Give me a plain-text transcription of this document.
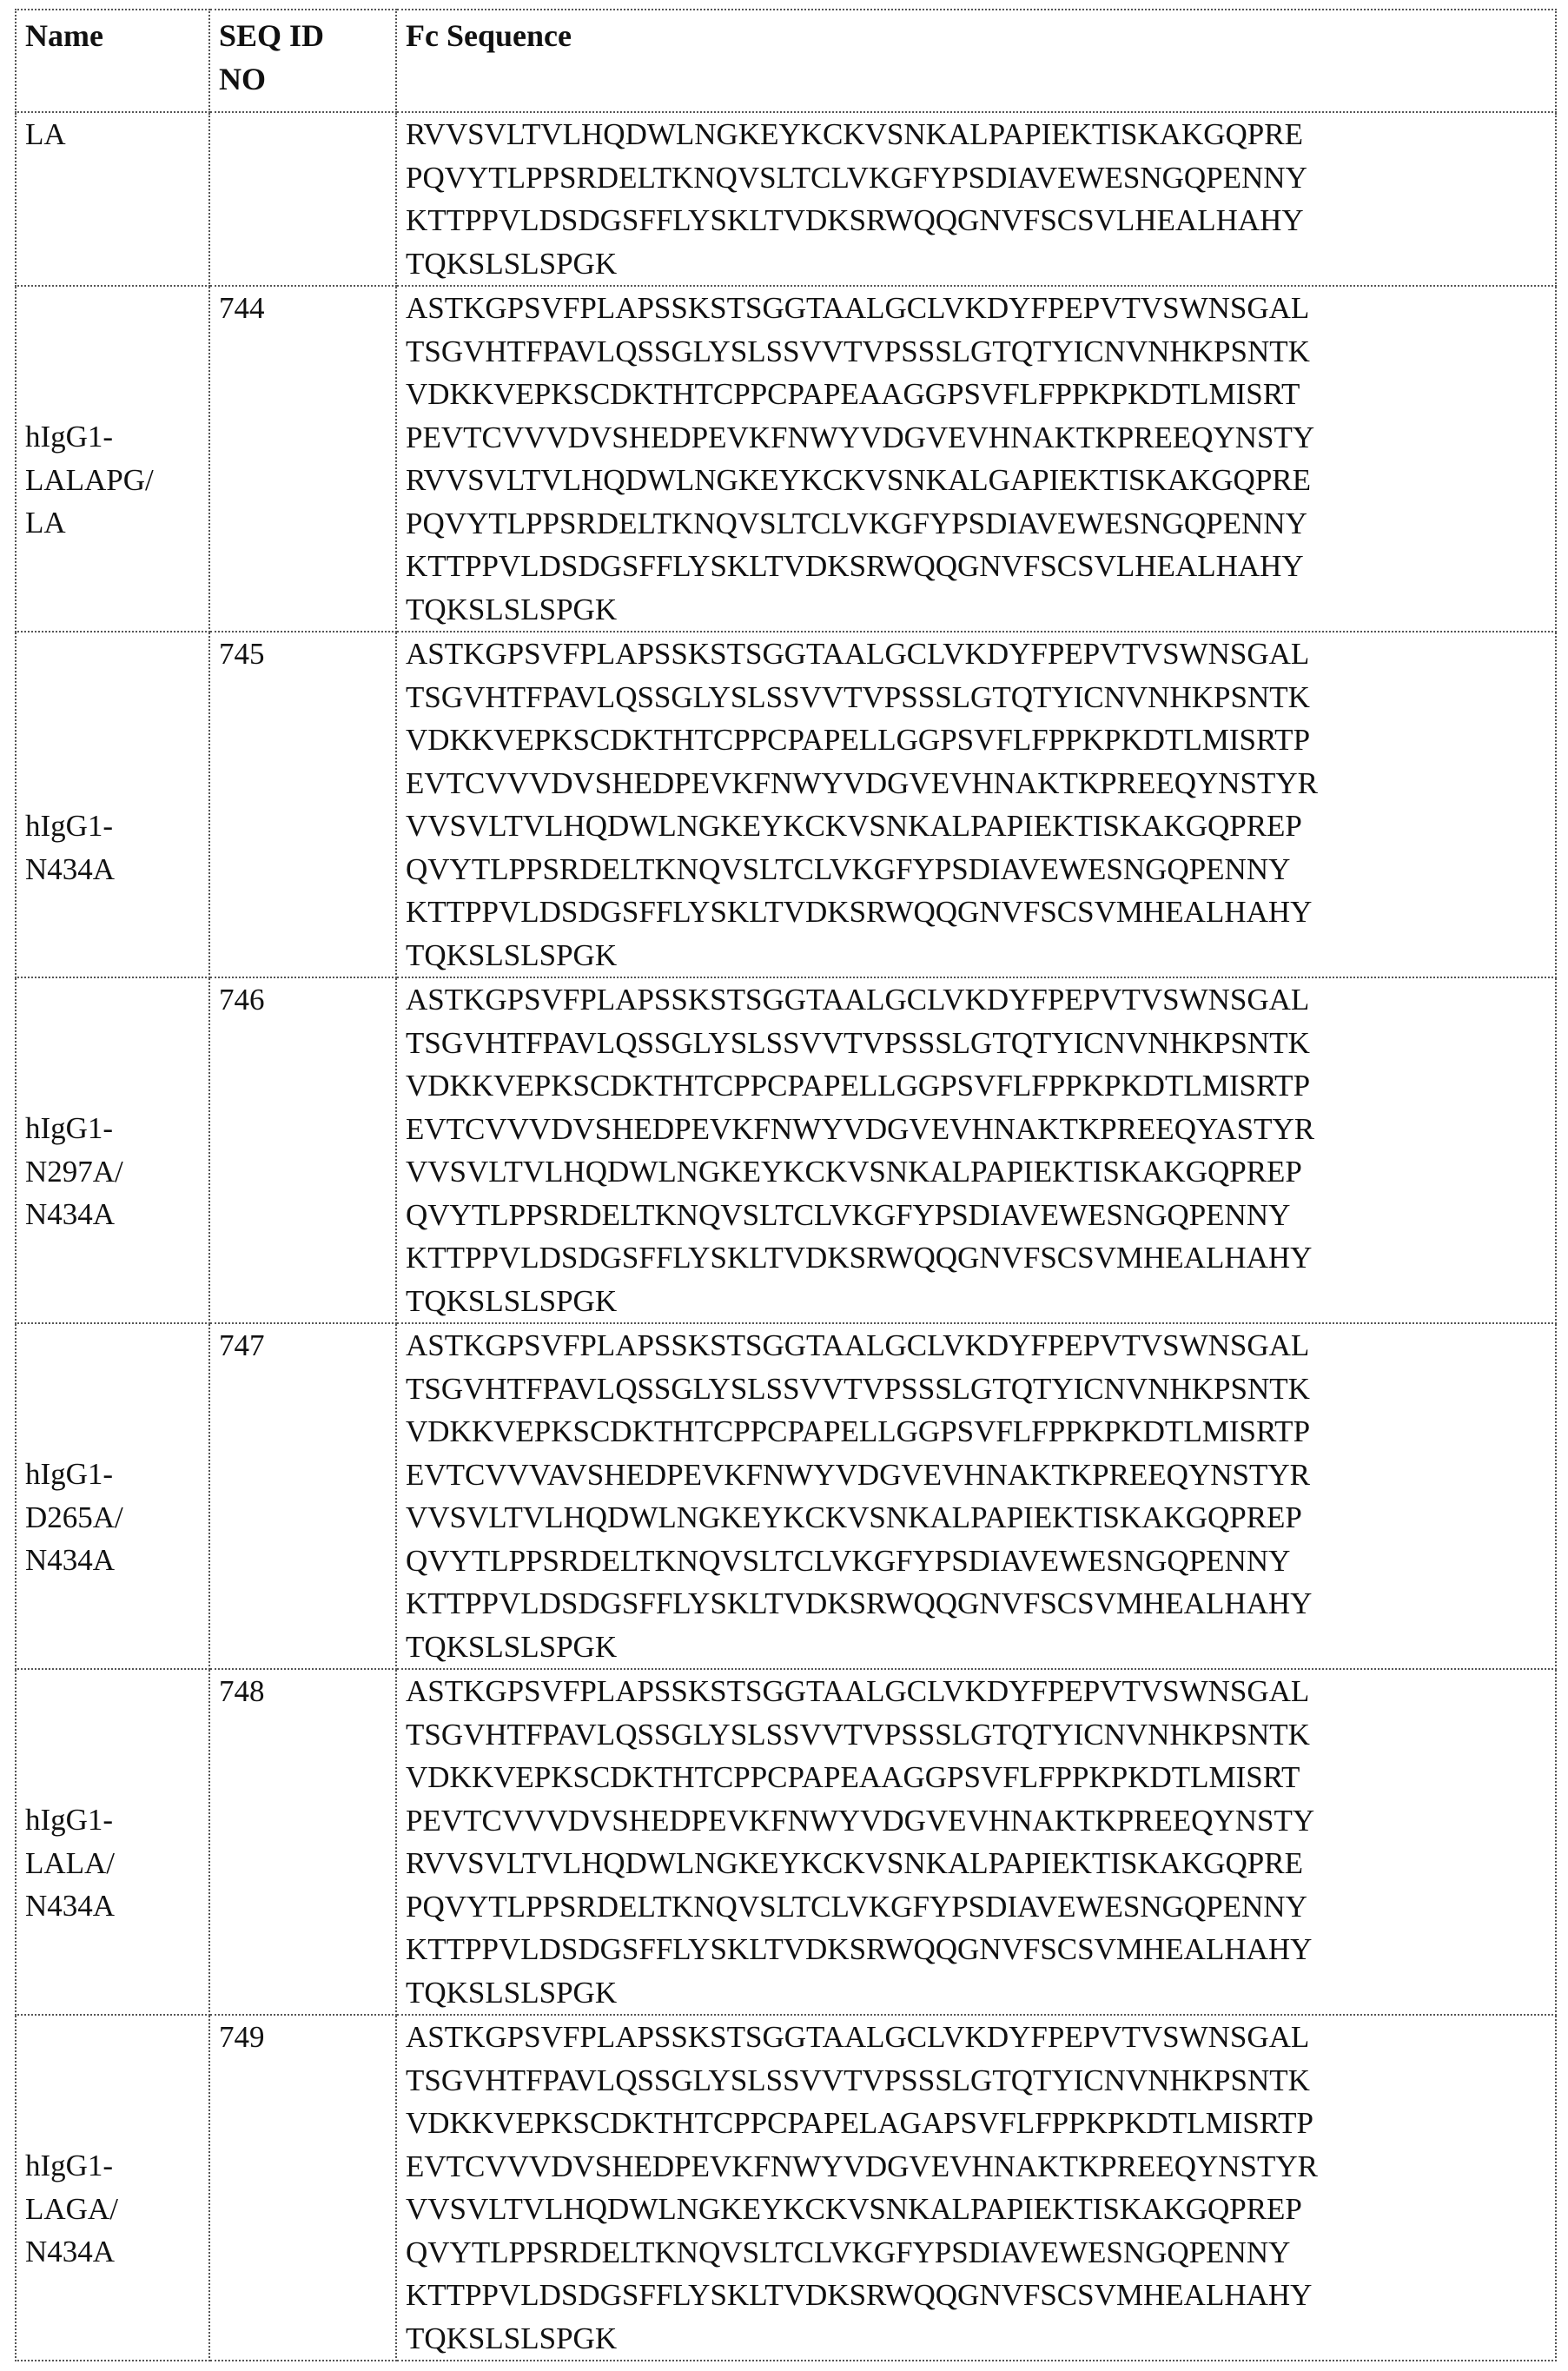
Name	SEQ ID
NO	Fc Sequence

LA		RVVSVLTVLHQDWLNGKEYKCKVSNKALPAPIEKTISKAKGQPRE
PQVYTLPPSRDELTKNQVSLTCLVKGFYPSDIAVEWESNGQPENNY
KTTPPVLDSDGSFFLYSKLTVDKSRWQQGNVFSCSVLHEALHAHY
TQKSLSLSPGK

hIgG1-
LALAPG/
LA
	744	ASTKGPSVFPLAPSSKSTSGGTAALGCLVKDYFPEPVTVSWNSGAL
TSGVHTFPAVLQSSGLYSLSSVVTVPSSSLGTQTYICNVNHKPSNTK
VDKKVEPKSCDKTHTCPPCPAPEAAGGPSVFLFPPKPKDTLMISRT
PEVTCVVVDVSHEDPEVKFNWYVDGVEVHNAKTKPREEQYNSTY
RVVSVLTVLHQDWLNGKEYKCKVSNKALGAPIEKTISKAKGQPRE
PQVYTLPPSRDELTKNQVSLTCLVKGFYPSDIAVEWESNGQPENNY
KTTPPVLDSDGSFFLYSKLTVDKSRWQQGNVFSCSVLHEALHAHY
TQKSLSLSPGK

hIgG1-
N434A
	745	ASTKGPSVFPLAPSSKSTSGGTAALGCLVKDYFPEPVTVSWNSGAL
TSGVHTFPAVLQSSGLYSLSSVVTVPSSSLGTQTYICNVNHKPSNTK
VDKKVEPKSCDKTHTCPPCPAPELLGGPSVFLFPPKPKDTLMISRTP
EVTCVVVDVSHEDPEVKFNWYVDGVEVHNAKTKPREEQYNSTYR
VVSVLTVLHQDWLNGKEYKCKVSNKALPAPIEKTISKAKGQPREP
QVYTLPPSRDELTKNQVSLTCLVKGFYPSDIAVEWESNGQPENNY
KTTPPVLDSDGSFFLYSKLTVDKSRWQQGNVFSCSVMHEALHAHY
TQKSLSLSPGK

hIgG1-
N297A/
N434A
	746	ASTKGPSVFPLAPSSKSTSGGTAALGCLVKDYFPEPVTVSWNSGAL
TSGVHTFPAVLQSSGLYSLSSVVTVPSSSLGTQTYICNVNHKPSNTK
VDKKVEPKSCDKTHTCPPCPAPELLGGPSVFLFPPKPKDTLMISRTP
EVTCVVVDVSHEDPEVKFNWYVDGVEVHNAKTKPREEQYASTYR
VVSVLTVLHQDWLNGKEYKCKVSNKALPAPIEKTISKAKGQPREP
QVYTLPPSRDELTKNQVSLTCLVKGFYPSDIAVEWESNGQPENNY
KTTPPVLDSDGSFFLYSKLTVDKSRWQQGNVFSCSVMHEALHAHY
TQKSLSLSPGK

hIgG1-
D265A/
N434A
	747	ASTKGPSVFPLAPSSKSTSGGTAALGCLVKDYFPEPVTVSWNSGAL
TSGVHTFPAVLQSSGLYSLSSVVTVPSSSLGTQTYICNVNHKPSNTK
VDKKVEPKSCDKTHTCPPCPAPELLGGPSVFLFPPKPKDTLMISRTP
EVTCVVVAVSHEDPEVKFNWYVDGVEVHNAKTKPREEQYNSTYR
VVSVLTVLHQDWLNGKEYKCKVSNKALPAPIEKTISKAKGQPREP
QVYTLPPSRDELTKNQVSLTCLVKGFYPSDIAVEWESNGQPENNY
KTTPPVLDSDGSFFLYSKLTVDKSRWQQGNVFSCSVMHEALHAHY
TQKSLSLSPGK

hIgG1-
LALA/
N434A
	748	ASTKGPSVFPLAPSSKSTSGGTAALGCLVKDYFPEPVTVSWNSGAL
TSGVHTFPAVLQSSGLYSLSSVVTVPSSSLGTQTYICNVNHKPSNTK
VDKKVEPKSCDKTHTCPPCPAPEAAGGPSVFLFPPKPKDTLMISRT
PEVTCVVVDVSHEDPEVKFNWYVDGVEVHNAKTKPREEQYNSTY
RVVSVLTVLHQDWLNGKEYKCKVSNKALPAPIEKTISKAKGQPRE
PQVYTLPPSRDELTKNQVSLTCLVKGFYPSDIAVEWESNGQPENNY
KTTPPVLDSDGSFFLYSKLTVDKSRWQQGNVFSCSVMHEALHAHY
TQKSLSLSPGK

hIgG1-
LAGA/
N434A
	749	ASTKGPSVFPLAPSSKSTSGGTAALGCLVKDYFPEPVTVSWNSGAL
TSGVHTFPAVLQSSGLYSLSSVVTVPSSSLGTQTYICNVNHKPSNTK
VDKKVEPKSCDKTHTCPPCPAPELAGAPSVFLFPPKPKDTLMISRTP
EVTCVVVDVSHEDPEVKFNWYVDGVEVHNAKTKPREEQYNSTYR
VVSVLTVLHQDWLNGKEYKCKVSNKALPAPIEKTISKAKGQPREP
QVYTLPPSRDELTKNQVSLTCLVKGFYPSDIAVEWESNGQPENNY
KTTPPVLDSDGSFFLYSKLTVDKSRWQQGNVFSCSVMHEALHAHY
TQKSLSLSPGK
